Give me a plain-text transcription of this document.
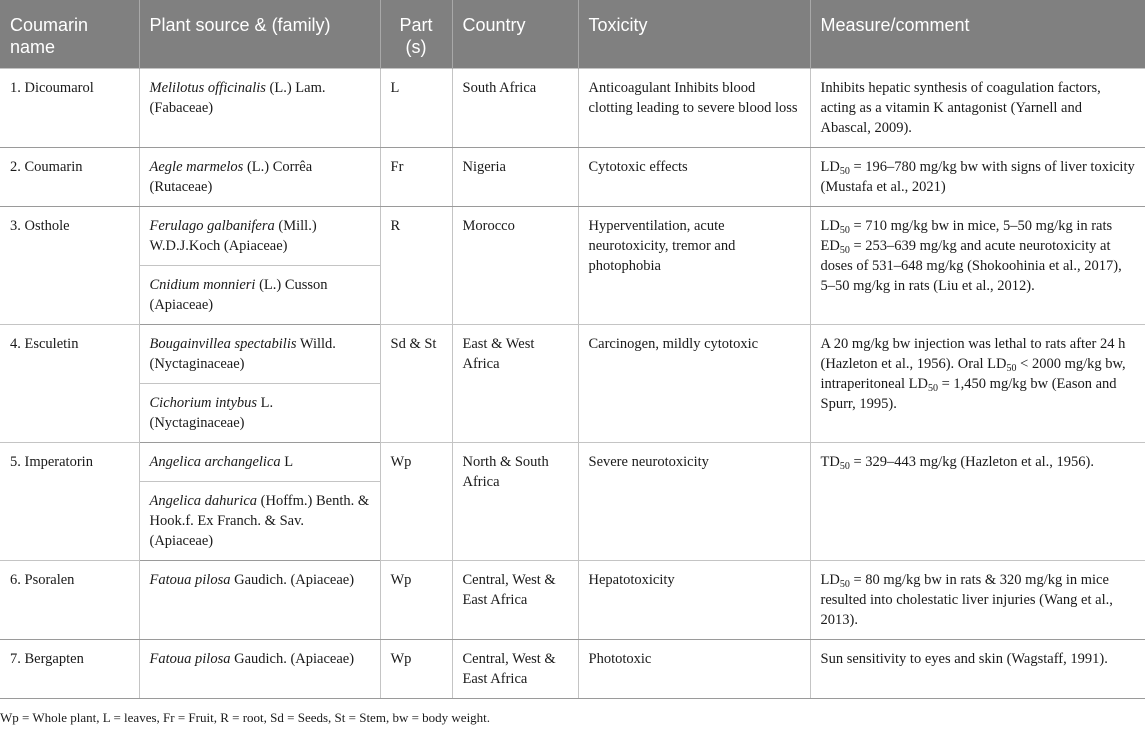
Coumarin name	Plant source & (family)	Part (s)	Country	Toxicity	Measure/comment
1. Dicoumarol	Melilotus officinalis (L.) Lam. (Fabaceae)	L	South Africa	Anticoagulant Inhibits blood clotting leading to severe blood loss	Inhibits hepatic synthesis of coagulation factors, acting as a vitamin K antagonist (Yarnell and Abascal, 2009).
2. Coumarin	Aegle marmelos (L.) Corrêa (Rutaceae)	Fr	Nigeria	Cytotoxic effects	$LD_{50} = 196-780$ mg/kg bw with signs of liver toxicity (Mustafa et al., 2021)
3. Osthole	Ferulago galbanifera (Mill.) W.D.J.Koch (Apiaceae)	R	Morocco	Hyperventilation, acute neurotoxicity, tremor and photophobia	$LD_{50} = 710$ mg/kg bw in mice, 5–50 mg/kg in rats $ED_{50} = 253-639$ mg/kg and acute neurotoxicity at doses of 531–648 mg/kg (Shokoohinia et al., 2017), 5–50 mg/kg in rats (Liu et al., 2012).
	Cnidium monnieri (L.) Cusson (Apiaceae)				
4. Esculetin	Bougainvillea spectabilis Willd. (Nyctaginaceae)	Sd & St	East & West Africa	Carcinogen, mildly cytotoxic	A 20 mg/kg bw injection was lethal to rats after 24 h (Hazleton et al., 1956). Oral $LD_{50} < 2000$ mg/kg bw, intraperitoneal $LD_{50} = 1,450$ mg/kg bw (Eason and Spurr, 1995).
	Cichorium intybus L. (Nyctaginaceae)				
5. Imperatorin	Angelica archangelica L	Wp	North & South Africa	Severe neurotoxicity	$TD_{50} = 329-443$ mg/kg (Hazleton et al., 1956).
	Angelica dahurica (Hoffm.) Benth. & Hook.f. Ex Franch. & Sav. (Apiaceae)				
6. Psoralen	Fatoua pilosa Gaudich. (Apiaceae)	Wp	Central, West & East Africa	Hepatotoxicity	$LD_{50} = 80$ mg/kg bw in rats & 320 mg/kg in mice resulted into cholestatic liver injuries (Wang et al., 2013).
7. Bergapten	Fatoua pilosa Gaudich. (Apiaceae)	Wp	Central, West & East Africa	Phototoxic	Sun sensitivity to eyes and skin (Wagstaff, 1991).
Wp = Whole plant, L = leaves, Fr = Fruit, R = root, Sd = Seeds, St = Stem, bw = body weight.
